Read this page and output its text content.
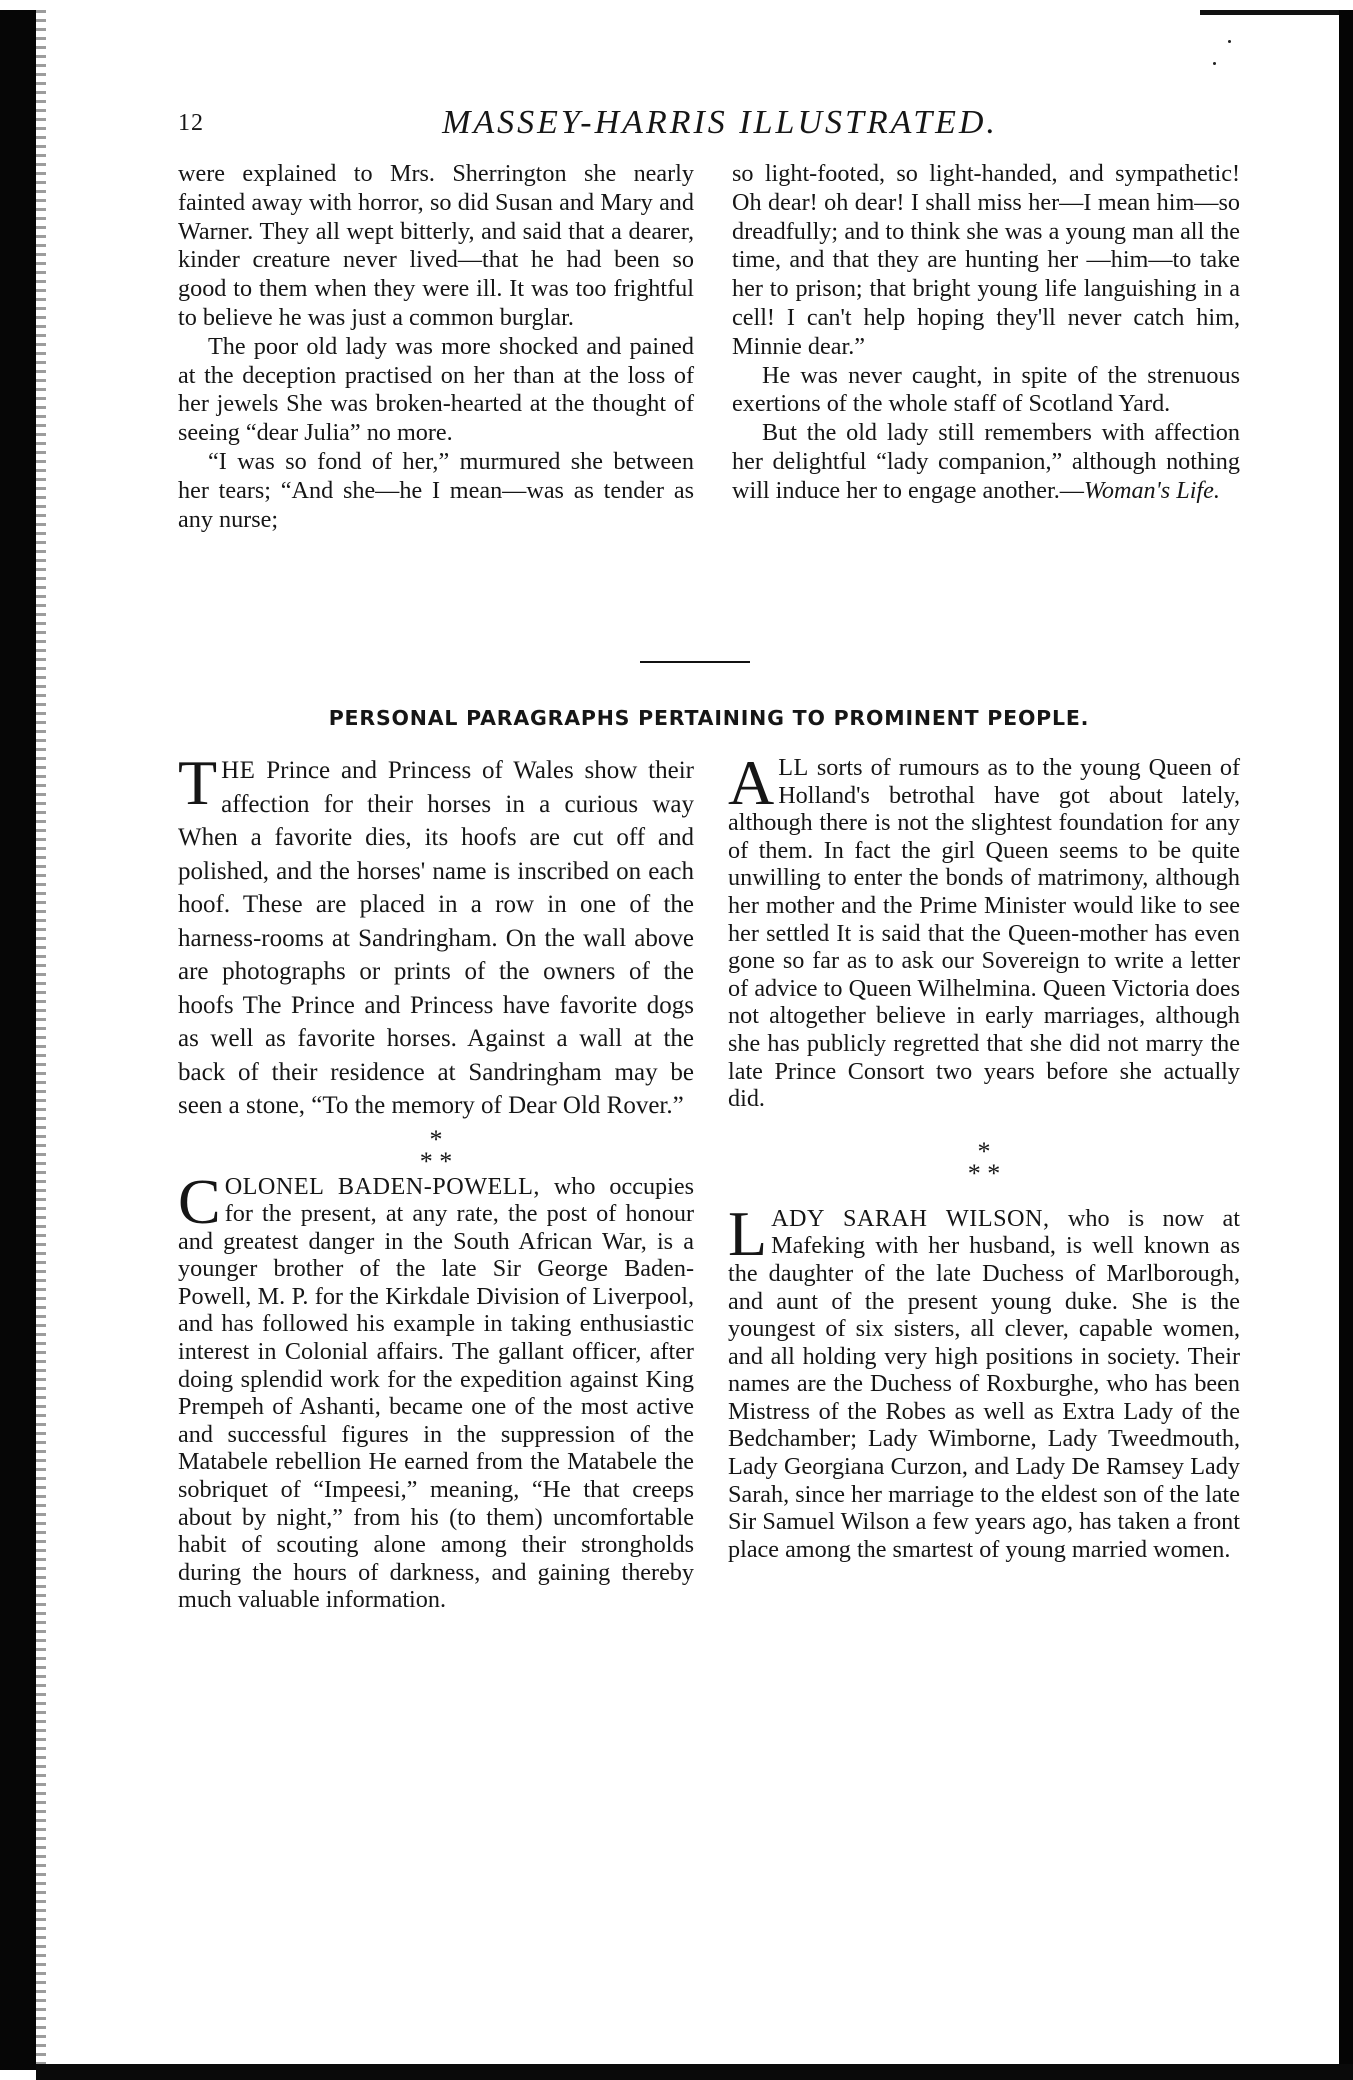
12	MASSEY-HARRIS ILLUSTRATED.

were explained to Mrs. Sherrington she nearly fainted away with horror, so did Susan and Mary and Warner. They all wept bitterly, and said that a dearer, kinder creature never lived—that he had been so good to them when they were ill. It was too frightful to believe he was just a common burglar.

The poor old lady was more shocked and pained at the deception practised on her than at the loss of her jewels She was broken-hearted at the thought of seeing “dear Julia” no more.

“I was so fond of her,” murmured she between her tears; “And she—he I mean—was as tender as any nurse;

so light-footed, so light-handed, and sympathetic! Oh dear! oh dear! I shall miss her—I mean him—so dreadfully; and to think she was a young man all the time, and that they are hunting her —him—to take her to prison; that bright young life languishing in a cell! I can't help hoping they'll never catch him, Minnie dear.”

He was never caught, in spite of the strenuous exertions of the whole staff of Scotland Yard.

But the old lady still remembers with affection her delightful “lady companion,” although nothing will induce her to engage another.—Woman's Life.

PERSONAL PARAGRAPHS PERTAINING TO PROMINENT PEOPLE.

THE Prince and Princess of Wales show their affection for their horses in a curious way When a favorite dies, its hoofs are cut off and polished, and the horses' name is inscribed on each hoof. These are placed in a row in one of the harness-rooms at Sandringham. On the wall above are photographs or prints of the owners of the hoofs The Prince and Princess have favorite dogs as well as favorite horses. Against a wall at the back of their residence at Sandringham may be seen a stone, “To the memory of Dear Old Rover.”

*
* *

COLONEL BADEN-POWELL, who occupies for the present, at any rate, the post of honour and greatest danger in the South African War, is a younger brother of the late Sir George Baden-Powell, M. P. for the Kirkdale Division of Liverpool, and has followed his example in taking enthusiastic interest in Colonial affairs. The gallant officer, after doing splendid work for the expedition against King Prempeh of Ashanti, became one of the most active and successful figures in the suppression of the Matabele rebellion He earned from the Matabele the sobriquet of “Impeesi,” meaning, “He that creeps about by night,” from his (to them) uncomfortable habit of scouting alone among their strongholds during the hours of darkness, and gaining thereby much valuable information.

ALL sorts of rumours as to the young Queen of Holland's betrothal have got about lately, although there is not the slightest foundation for any of them. In fact the girl Queen seems to be quite unwilling to enter the bonds of matrimony, although her mother and the Prime Minister would like to see her settled It is said that the Queen-mother has even gone so far as to ask our Sovereign to write a letter of advice to Queen Wilhelmina. Queen Victoria does not altogether believe in early marriages, although she has publicly regretted that she did not marry the late Prince Consort two years before she actually did.

*
* *

LADY SARAH WILSON, who is now at Mafeking with her husband, is well known as the daughter of the late Duchess of Marlborough, and aunt of the present young duke. She is the youngest of six sisters, all clever, capable women, and all holding very high positions in society. Their names are the Duchess of Roxburghe, who has been Mistress of the Robes as well as Extra Lady of the Bedchamber; Lady Wimborne, Lady Tweedmouth, Lady Georgiana Curzon, and Lady De Ramsey Lady Sarah, since her marriage to the eldest son of the late Sir Samuel Wilson a few years ago, has taken a front place among the smartest of young married women.
